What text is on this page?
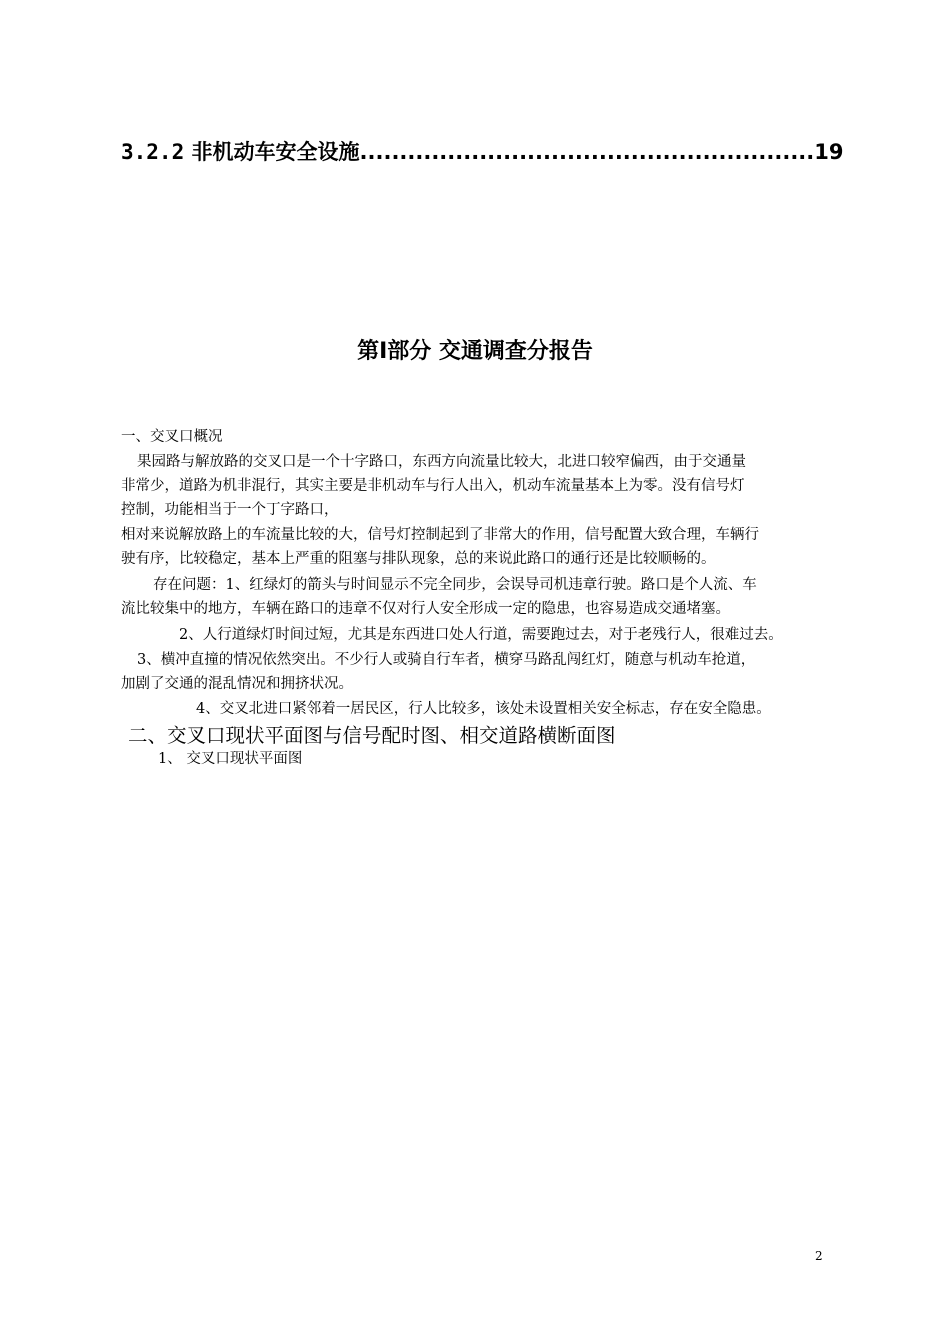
3.2.2 非机动车安全设施.........................................................19
第Ⅰ部分 交通调查分报告
一、交叉口概况
果园路与解放路的交叉口是一个十字路口，东西方向流量比较大，北进口较窄偏西，由于交通量
非常少，道路为机非混行，其实主要是非机动车与行人出入，机动车流量基本上为零。没有信号灯
控制，功能相当于一个丁字路口，
相对来说解放路上的车流量比较的大，信号灯控制起到了非常大的作用，信号配置大致合理，车辆行
驶有序，比较稳定，基本上严重的阻塞与排队现象，总的来说此路口的通行还是比较顺畅的。
存在问题：1、红绿灯的箭头与时间显示不完全同步，会误导司机违章行驶。路口是个人流、车
流比较集中的地方，车辆在路口的违章不仅对行人安全形成一定的隐患，也容易造成交通堵塞。
2、人行道绿灯时间过短，尤其是东西进口处人行道，需要跑过去，对于老残行人，很难过去。
3、横冲直撞的情况依然突出。不少行人或骑自行车者，横穿马路乱闯红灯，随意与机动车抢道，
加剧了交通的混乱情况和拥挤状况。
4、交叉北进口紧邻着一居民区，行人比较多，该处未设置相关安全标志，存在安全隐患。
二、交叉口现状平面图与信号配时图、相交道路横断面图
1、 交叉口现状平面图
2
